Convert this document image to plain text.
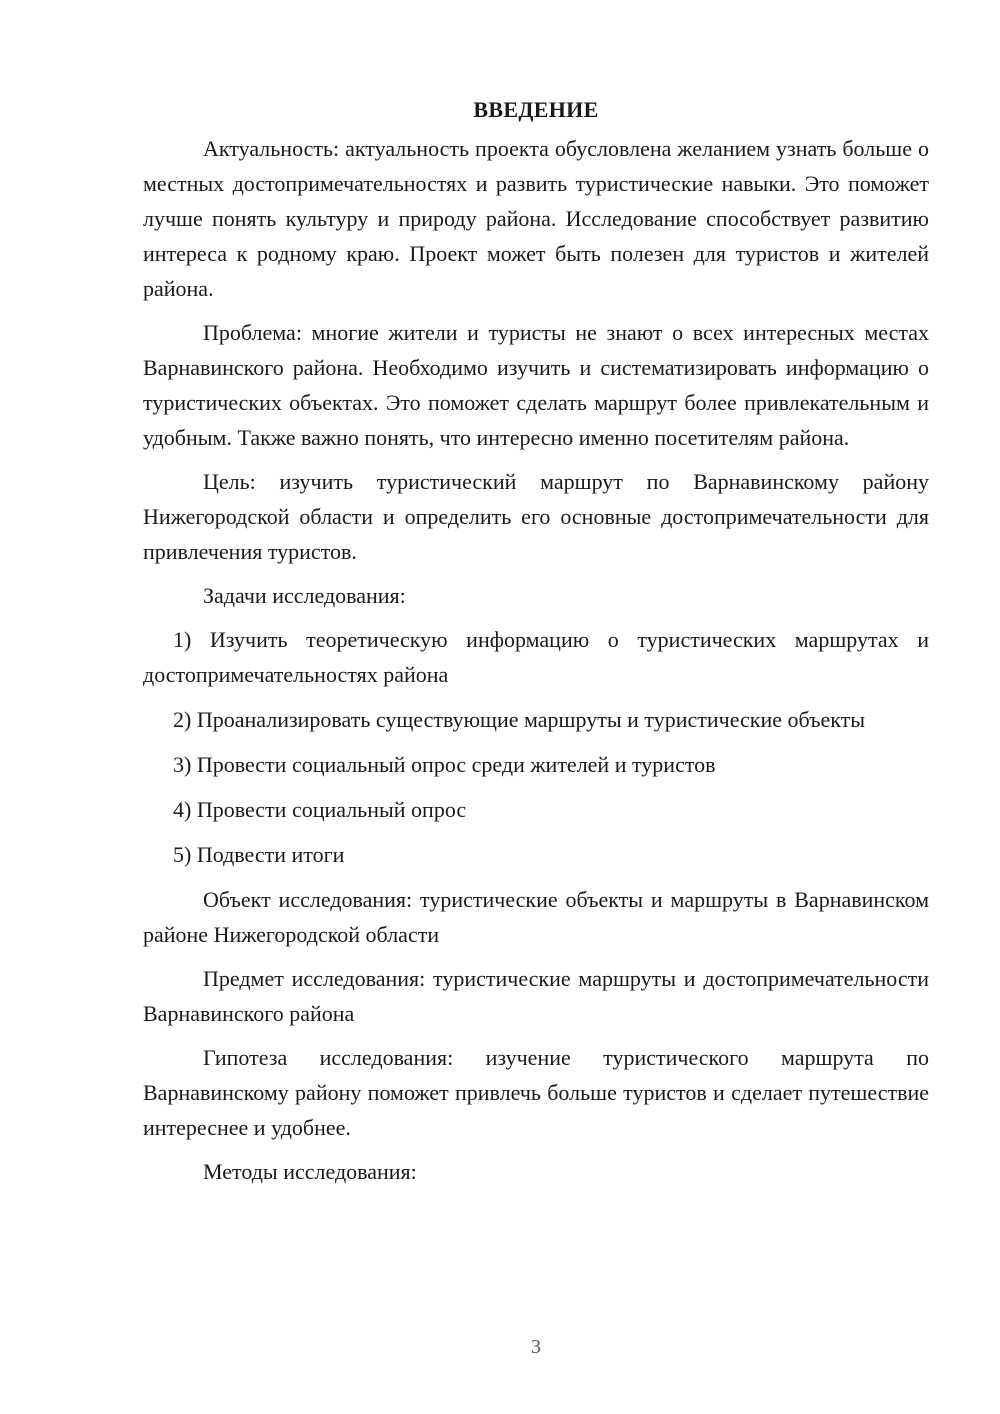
ВВЕДЕНИЕ

Актуальность: актуальность проекта обусловлена желанием узнать больше о местных достопримечательностях и развить туристические навыки. Это поможет лучше понять культуру и природу района. Исследование способствует развитию интереса к родному краю. Проект может быть полезен для туристов и жителей района.

Проблема: многие жители и туристы не знают о всех интересных местах Варнавинского района. Необходимо изучить и систематизировать информацию о туристических объектах. Это поможет сделать маршрут более привлекательным и удобным. Также важно понять, что интересно именно посетителям района.

Цель: изучить туристический маршрут по Варнавинскому району Нижегородской области и определить его основные достопримечательности для привлечения туристов.

Задачи исследования:

1) Изучить теоретическую информацию о туристических маршрутах и достопримечательностях района

2) Проанализировать существующие маршруты и туристические объекты

3) Провести социальный опрос среди жителей и туристов

4) Провести социальный опрос

5) Подвести итоги

Объект исследования: туристические объекты и маршруты в Варнавинском районе Нижегородской области

Предмет исследования: туристические маршруты и достопримечательности Варнавинского района

Гипотеза исследования: изучение туристического маршрута по Варнавинскому району поможет привлечь больше туристов и сделает путешествие интереснее и удобнее.

Методы исследования:

3
